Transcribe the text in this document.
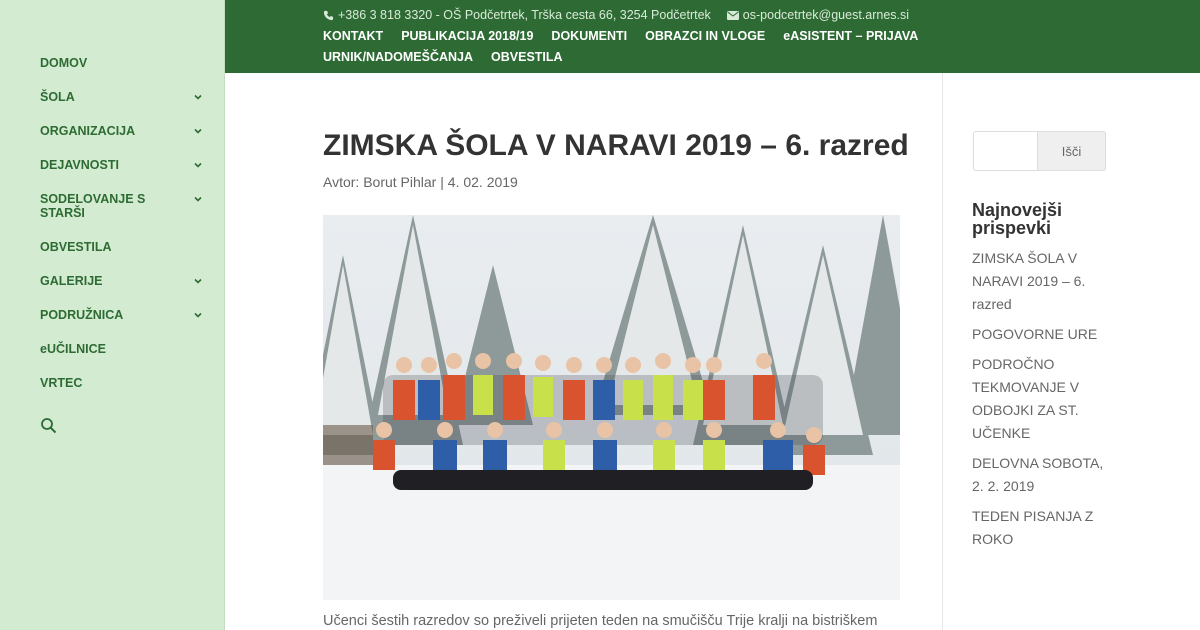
DOMOV
ŠOLA
ORGANIZACIJA
DEJAVNOSTI
SODELOVANJE S STARŠI
OBVESTILA
GALERIJE
PODRUŽNICA
eUČILNICE
VRTEC
+386 3 818 3320 - OŠ Podčetrtek, Trška cesta 66, 3254 Podčetrtek	os-podcetrtek@guest.arnes.si
KONTAKT PUBLIKACIJA 2018/19 DOKUMENTI OBRAZCI IN VLOGE eASISTENT – PRIJAVA
URNIK/NADOMEŠČANJA OBVESTILA
ZIMSKA ŠOLA V NARAVI 2019 – 6. razred
Avtor: Borut Pihlar | 4. 02. 2019

Učenci šestih razredov so preživeli prijeten teden na smučišču Trije kralji na bistriškem

Išči
Najnovejši prispevki
ZIMSKA ŠOLA V NARAVI 2019 – 6. razred
POGOVORNE URE
PODROČNO TEKMOVANJE V ODBOJKI ZA ST. UČENKE
DELOVNA SOBOTA, 2. 2. 2019
TEDEN PISANJA Z ROKO
